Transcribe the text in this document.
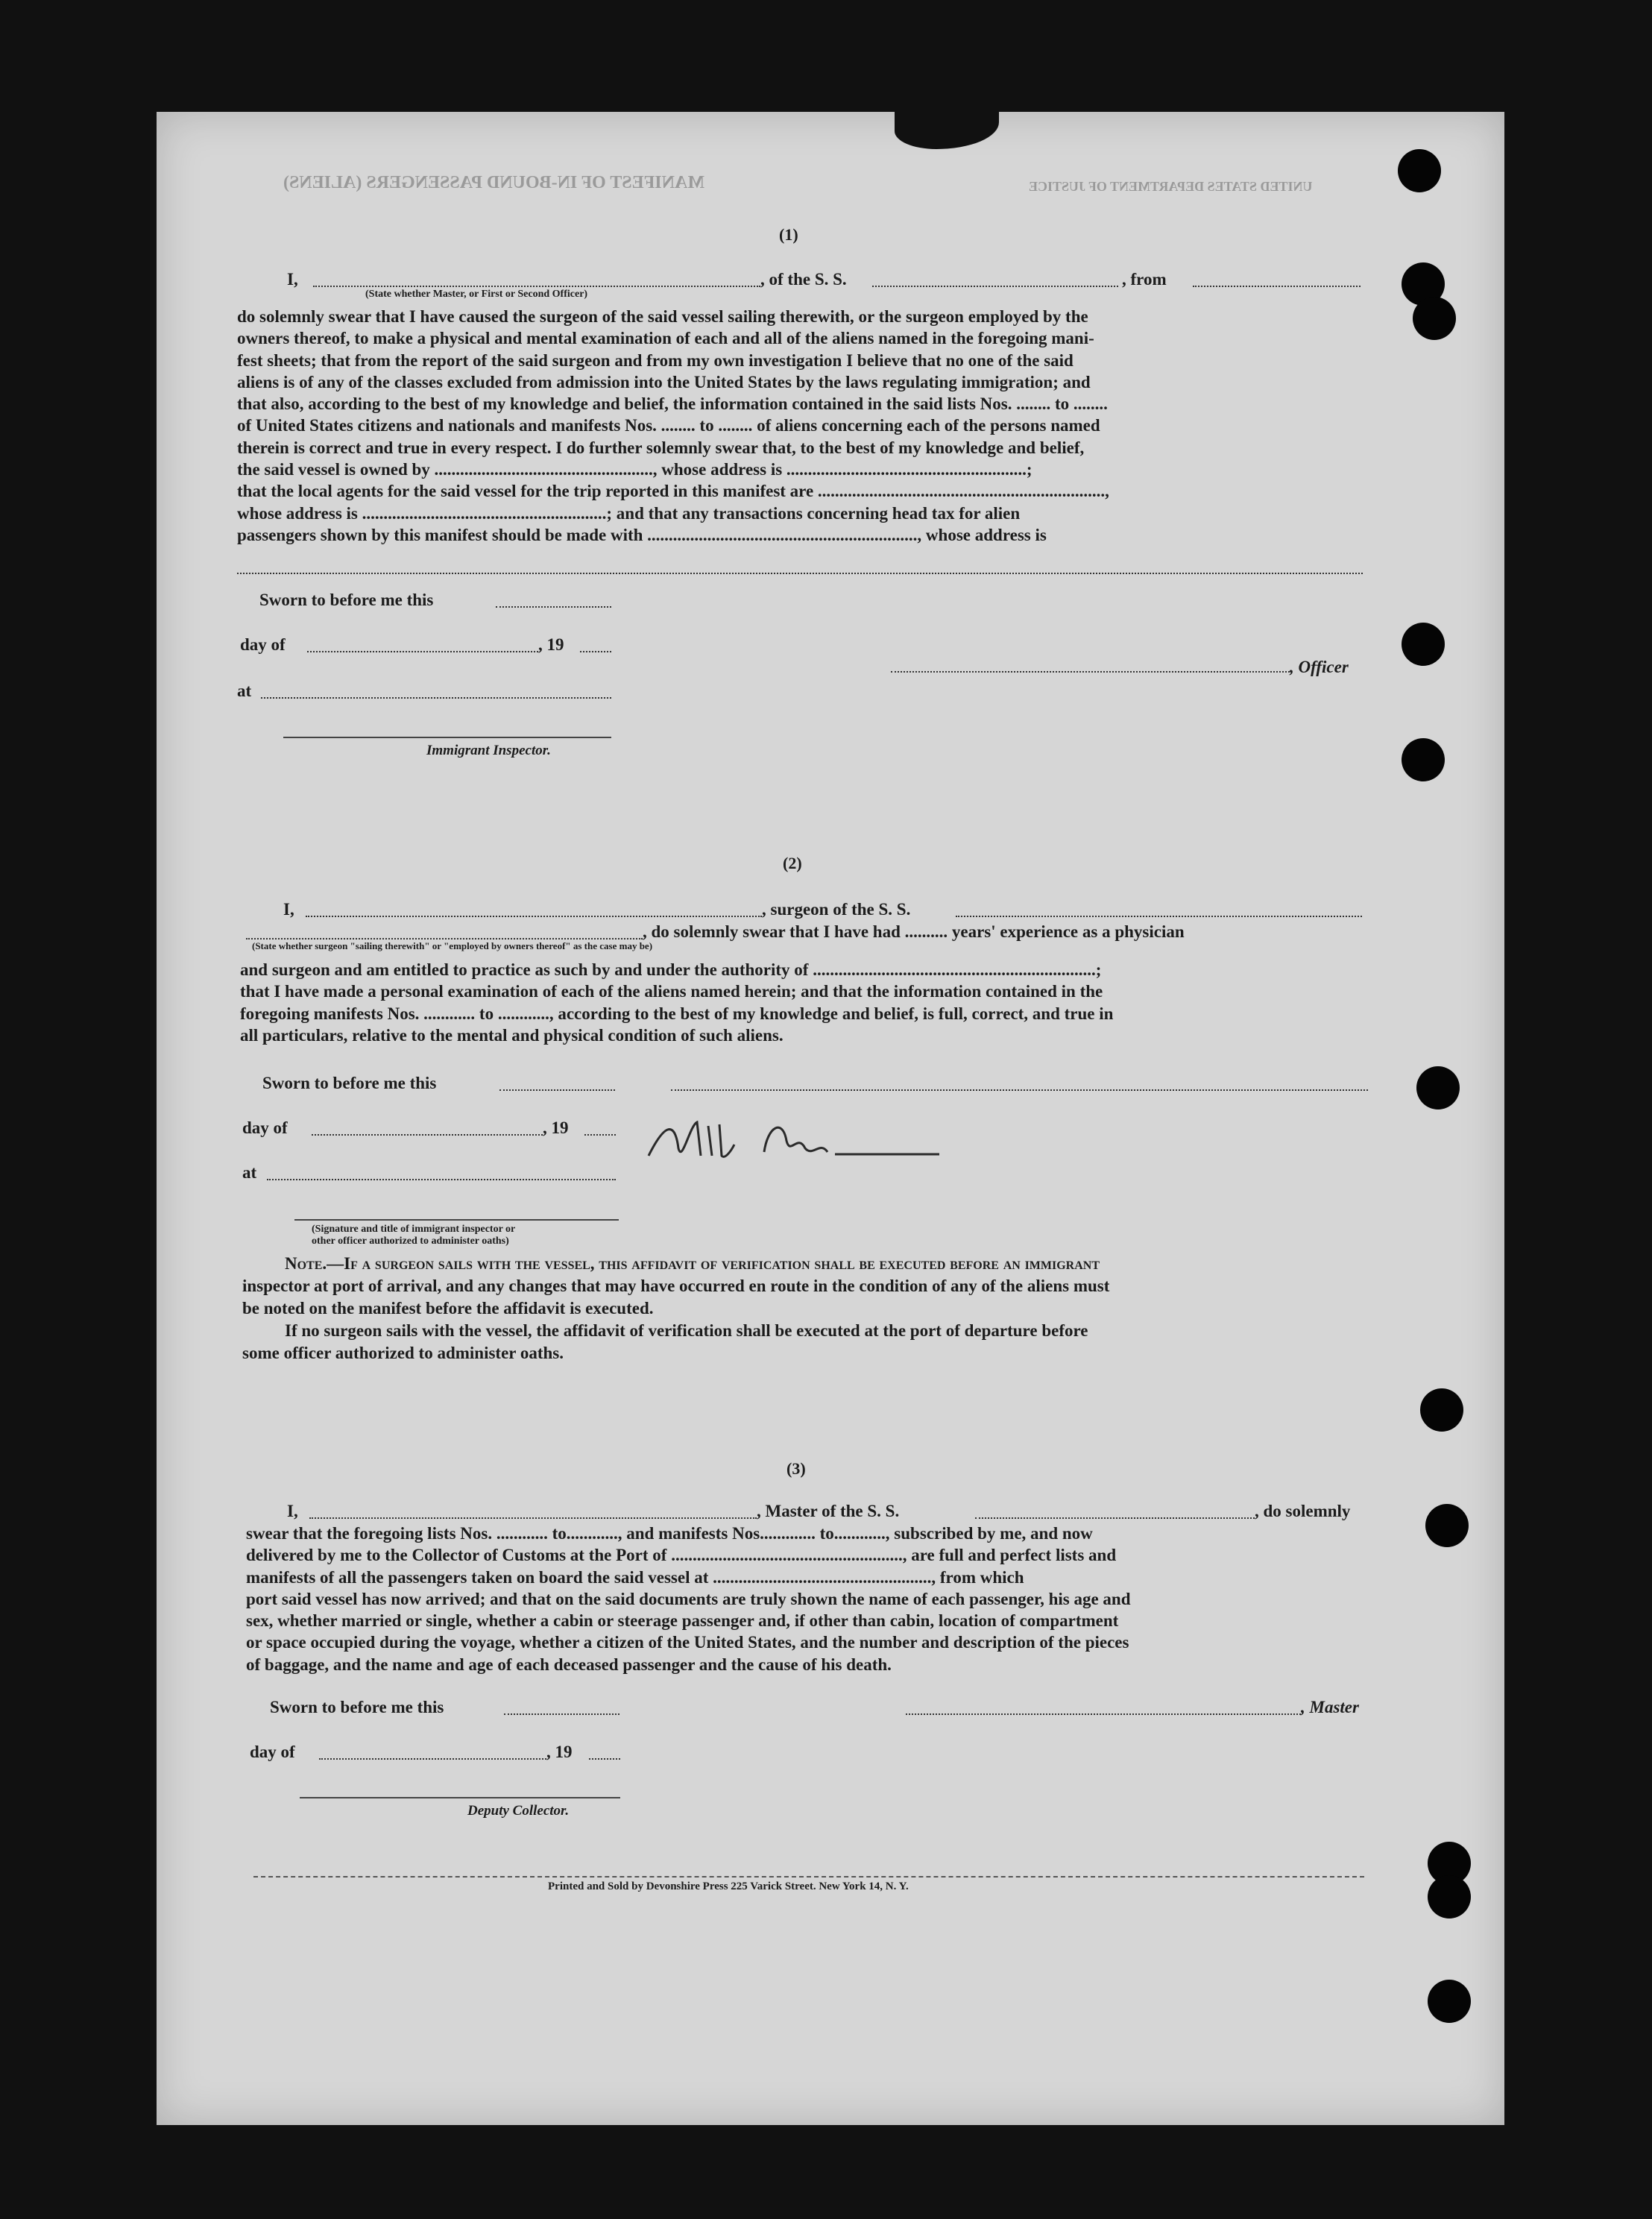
MANIFEST OF IN-BOUND PASSENGERS (ALIENS)	UNITED STATES DEPARTMENT OF JUSTICE
(1)
I,	, of the S. S.	, from
(State whether Master, or First or Second Officer)
do solemnly swear that I have caused the surgeon of the said vessel sailing therewith, or the surgeon employed by the
owners thereof, to make a physical and mental examination of each and all of the aliens named in the foregoing mani-
fest sheets; that from the report of the said surgeon and from my own investigation I believe that no one of the said
aliens is of any of the classes excluded from admission into the United States by the laws regulating immigration; and
that also, according to the best of my knowledge and belief, the information contained in the said lists Nos. ........ to ........
of United States citizens and nationals and manifests Nos. ........ to ........ of aliens concerning each of the persons named
therein is correct and true in every respect. I do further solemnly swear that, to the best of my knowledge and belief,
the said vessel is owned by ..................................................., whose address is ........................................................;
that the local agents for the said vessel for the trip reported in this manifest are ...................................................................,
whose address is .........................................................; and that any transactions concerning head tax for alien
passengers shown by this manifest should be made with ..............................................................., whose address is
Sworn to before me this
day of	, 19
at
Immigrant Inspector.
, Officer
(2)
I,	, surgeon of the S. S.
, do solemnly swear that I have had .......... years' experience as a physician
(State whether surgeon "sailing therewith" or "employed by owners thereof" as the case may be)
and surgeon and am entitled to practice as such by and under the authority of ..................................................................;
that I have made a personal examination of each of the aliens named herein; and that the information contained in the
foregoing manifests Nos. ............ to ............, according to the best of my knowledge and belief, is full, correct, and true in
all particulars, relative to the mental and physical condition of such aliens.
Sworn to before me this
day of	, 19
at
(Signature and title of immigrant inspector or
other officer authorized to administer oaths)
Note.—If a surgeon sails with the vessel, this affidavit of verification shall be executed before an immigrant
inspector at port of arrival, and any changes that may have occurred en route in the condition of any of the aliens must
be noted on the manifest before the affidavit is executed.
If no surgeon sails with the vessel, the affidavit of verification shall be executed at the port of departure before
some officer authorized to administer oaths.
(3)
I,	, Master of the S. S.	, do solemnly
swear that the foregoing lists Nos. ............ to............, and manifests Nos............. to............, subscribed by me, and now
delivered by me to the Collector of Customs at the Port of ......................................................, are full and perfect lists and
manifests of all the passengers taken on board the said vessel at ..................................................., from which
port said vessel has now arrived; and that on the said documents are truly shown the name of each passenger, his age and
sex, whether married or single, whether a cabin or steerage passenger and, if other than cabin, location of compartment
or space occupied during the voyage, whether a citizen of the United States, and the number and description of the pieces
of baggage, and the name and age of each deceased passenger and the cause of his death.
Sworn to before me this	, Master
day of	, 19
Deputy Collector.
Printed and Sold by Devonshire Press 225 Varick Street. New York 14, N. Y.
